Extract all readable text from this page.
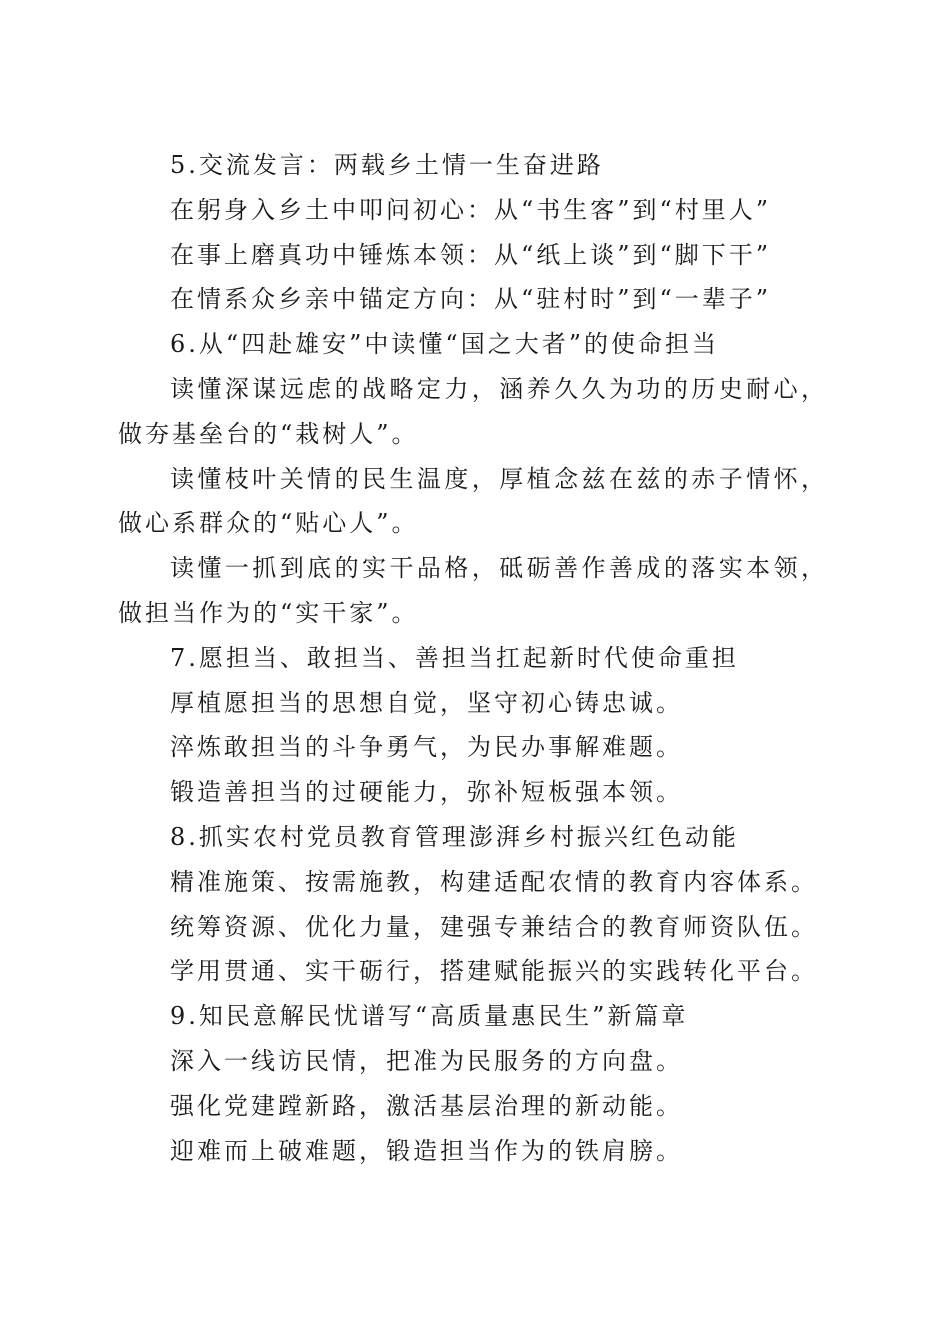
5.交流发言：两载乡土情一生奋进路
在躬身入乡土中叩问初心：从“书生客”到“村里人”
在事上磨真功中锤炼本领：从“纸上谈”到“脚下干”
在情系众乡亲中锚定方向：从“驻村时”到“一辈子”
6.从“四赴雄安”中读懂“国之大者”的使命担当
读懂深谋远虑的战略定力，涵养久久为功的历史耐心，做夯基垒台的“栽树人”。
读懂枝叶关情的民生温度，厚植念兹在兹的赤子情怀，做心系群众的“贴心人”。
读懂一抓到底的实干品格，砥砺善作善成的落实本领，做担当作为的“实干家”。
7.愿担当、敢担当、善担当扛起新时代使命重担
厚植愿担当的思想自觉，坚守初心铸忠诚。
淬炼敢担当的斗争勇气，为民办事解难题。
锻造善担当的过硬能力，弥补短板强本领。
8.抓实农村党员教育管理澎湃乡村振兴红色动能
精准施策、按需施教，构建适配农情的教育内容体系。
统筹资源、优化力量，建强专兼结合的教育师资队伍。
学用贯通、实干砺行，搭建赋能振兴的实践转化平台。
9.知民意解民忧谱写“高质量惠民生”新篇章
深入一线访民情，把准为民服务的方向盘。
强化党建蹚新路，激活基层治理的新动能。
迎难而上破难题，锻造担当作为的铁肩膀。
